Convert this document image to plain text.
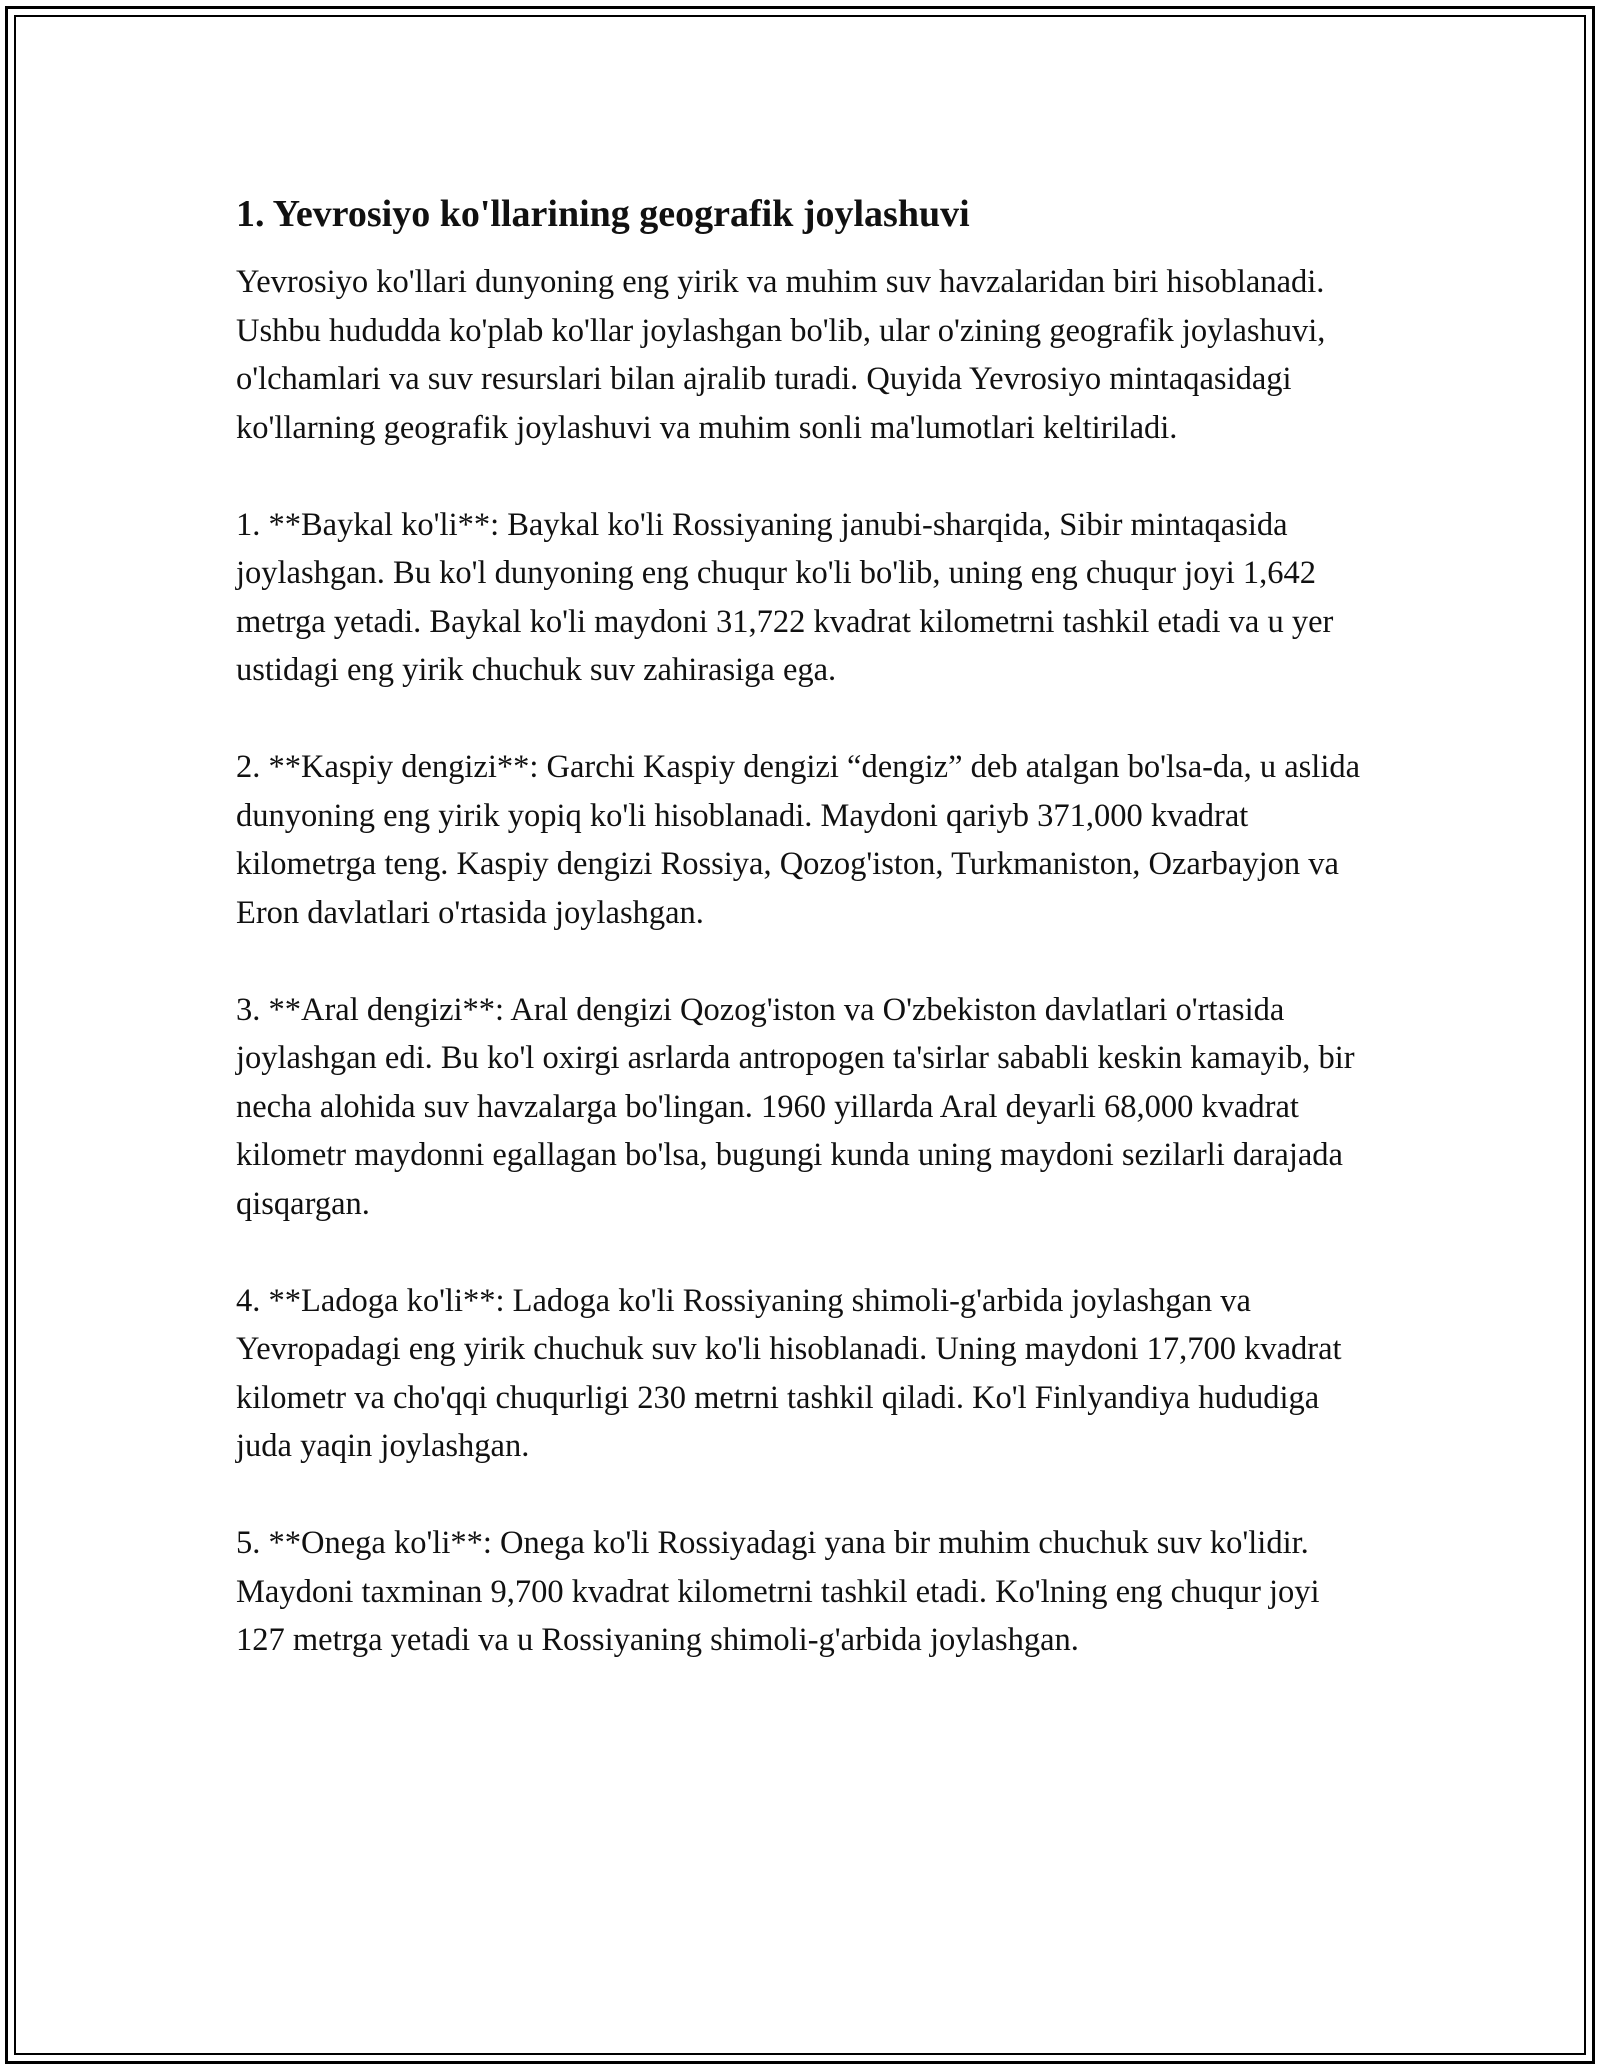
1. Yevrosiyo ko'llarining geografik joylashuvi

Yevrosiyo ko'llari dunyoning eng yirik va muhim suv havzalaridan biri hisoblanadi. Ushbu hududda ko'plab ko'llar joylashgan bo'lib, ular o'zining geografik joylashuvi, o'lchamlari va suv resurslari bilan ajralib turadi. Quyida Yevrosiyo mintaqasidagi ko'llarning geografik joylashuvi va muhim sonli ma'lumotlari keltiriladi.

1. **Baykal ko'li**: Baykal ko'li Rossiyaning janubi-sharqida, Sibir mintaqasida joylashgan. Bu ko'l dunyoning eng chuqur ko'li bo'lib, uning eng chuqur joyi 1,642 metrga yetadi. Baykal ko'li maydoni 31,722 kvadrat kilometrni tashkil etadi va u yer ustidagi eng yirik chuchuk suv zahirasiga ega.

2. **Kaspiy dengizi**: Garchi Kaspiy dengizi “dengiz” deb atalgan bo'lsa-da, u aslida dunyoning eng yirik yopiq ko'li hisoblanadi. Maydoni qariyb 371,000 kvadrat kilometrga teng. Kaspiy dengizi Rossiya, Qozog'iston, Turkmaniston, Ozarbayjon va Eron davlatlari o'rtasida joylashgan.

3. **Aral dengizi**: Aral dengizi Qozog'iston va O'zbekiston davlatlari o'rtasida joylashgan edi. Bu ko'l oxirgi asrlarda antropogen ta'sirlar sababli keskin kamayib, bir necha alohida suv havzalarga bo'lingan. 1960 yillarda Aral deyarli 68,000 kvadrat kilometr maydonni egallagan bo'lsa, bugungi kunda uning maydoni sezilarli darajada qisqargan.

4. **Ladoga ko'li**: Ladoga ko'li Rossiyaning shimoli-g'arbida joylashgan va Yevropadagi eng yirik chuchuk suv ko'li hisoblanadi. Uning maydoni 17,700 kvadrat kilometr va cho'qqi chuqurligi 230 metrni tashkil qiladi. Ko'l Finlyandiya hududiga juda yaqin joylashgan.

5. **Onega ko'li**: Onega ko'li Rossiyadagi yana bir muhim chuchuk suv ko'lidir. Maydoni taxminan 9,700 kvadrat kilometrni tashkil etadi. Ko'lning eng chuqur joyi 127 metrga yetadi va u Rossiyaning shimoli-g'arbida joylashgan.
